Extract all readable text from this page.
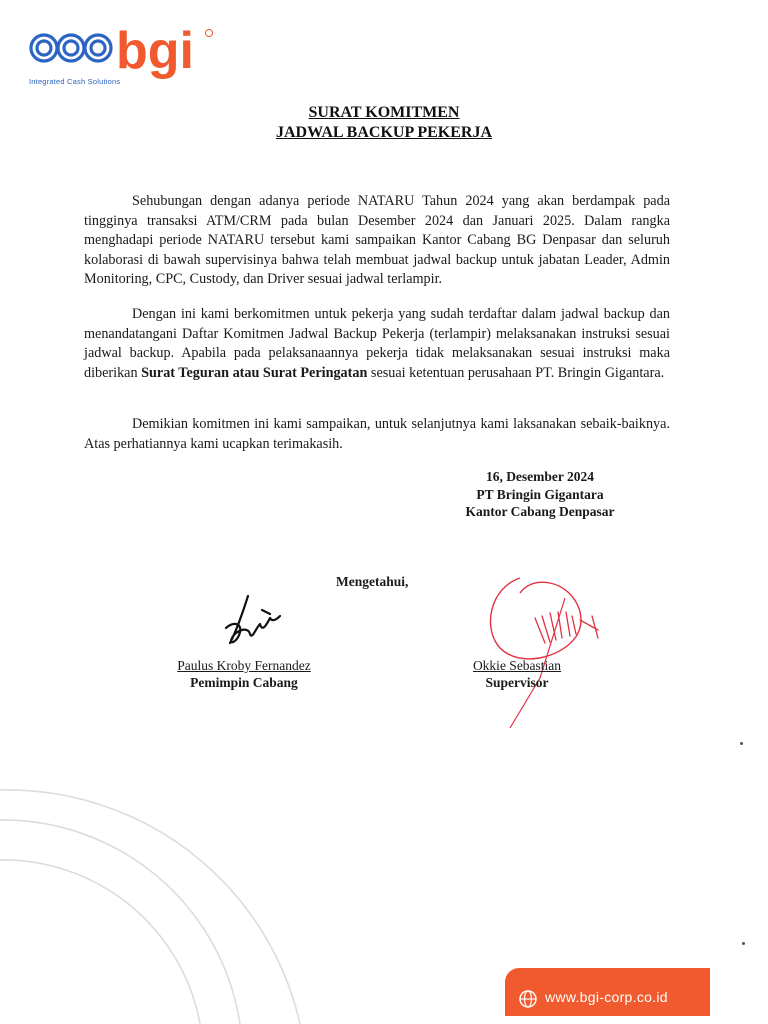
bgi
Integrated Cash Solutions
SURAT KOMITMEN
JADWAL BACKUP PEKERJA
Sehubungan dengan adanya periode NATARU Tahun 2024 yang akan berdampak pada tingginya transaksi ATM/CRM pada bulan Desember 2024 dan Januari 2025. Dalam rangka menghadapi periode NATARU tersebut kami sampaikan Kantor Cabang BG Denpasar dan seluruh kolaborasi di bawah supervisinya bahwa telah membuat jadwal backup untuk jabatan Leader, Admin Monitoring, CPC, Custody, dan Driver sesuai jadwal terlampir.
Dengan ini kami berkomitmen untuk pekerja yang sudah terdaftar dalam jadwal backup dan menandatangani Daftar Komitmen Jadwal Backup Pekerja (terlampir) melaksanakan instruksi sesuai jadwal backup. Apabila pada pelaksanaannya pekerja tidak melaksanakan sesuai instruksi maka diberikan Surat Teguran atau Surat Peringatan sesuai ketentuan perusahaan PT. Bringin Gigantara.
Demikian komitmen ini kami sampaikan, untuk selanjutnya kami laksanakan sebaik-baiknya. Atas perhatiannya kami ucapkan terimakasih.
16, Desember 2024
PT Bringin Gigantara
Kantor Cabang Denpasar
Mengetahui,
Paulus Kroby Fernandez
Pemimpin Cabang
Okkie Sebastian
Supervisor
www.bgi-corp.co.id
